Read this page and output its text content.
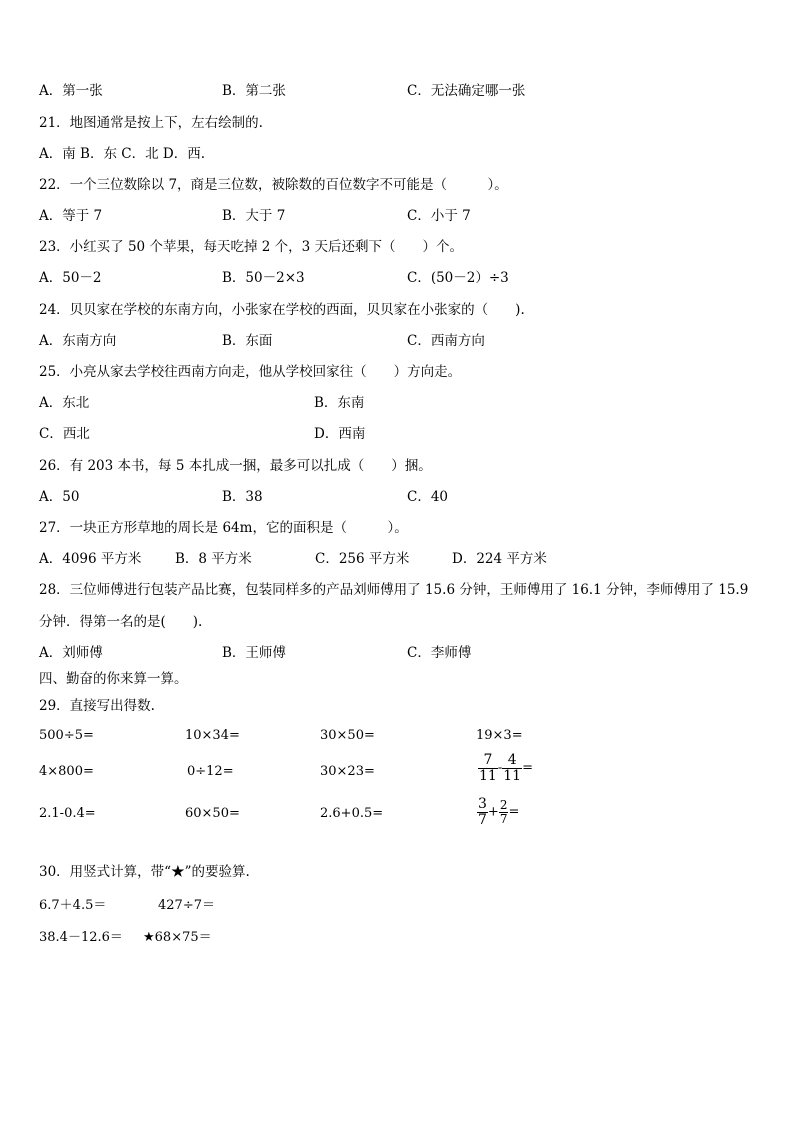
A．第一张	B．第二张	C．无法确定哪一张
21．地图通常是按上下，左右绘制的.
A．南 B．东 C．北 D．西.
22．一个三位数除以 7，商是三位数，被除数的百位数字不可能是（　　　）。
A．等于 7	B．大于 7	C．小于 7
23．小红买了 50 个苹果，每天吃掉 2 个，3 天后还剩下（　　）个。
A．50－2	B．50－2×3	C．(50－2）÷3
24．贝贝家在学校的东南方向，小张家在学校的西面，贝贝家在小张家的（　　).
A．东南方向	B．东面	C．西南方向
25．小亮从家去学校往西南方向走，他从学校回家往（　　）方向走。
A．东北	B．东南
C．西北	D．西南
26．有 203 本书，每 5 本扎成一捆，最多可以扎成（　　）捆。
A．50	B．38	C．40
27．一块正方形草地的周长是 64m，它的面积是（　　　）。
A．4096 平方米 B．8 平方米	C．256 平方米	D．224 平方米
28．三位师傅进行包装产品比赛，包装同样多的产品刘师傅用了 15.6 分钟，王师傅用了 16.1 分钟，李师傅用了 15.9
分钟．得第一名的是(　　).
A．刘师傅	B．王师傅	C．李师傅
四、勤奋的你来算一算。
29．直接写出得数.
500÷5=	10×34=	30×50=	19×3=
4×800=	0÷12=	30×23=	$\frac{7}{11} - \frac{4}{11}$ =
2.1-0.4=	60×50=	2.6+0.5=	$\frac{3}{7} + \frac{2}{7}$ =
30．用竖式计算，带“★”的要验算.
6.7＋4.5＝	427÷7＝
38.4－12.6＝ ★68×75＝
